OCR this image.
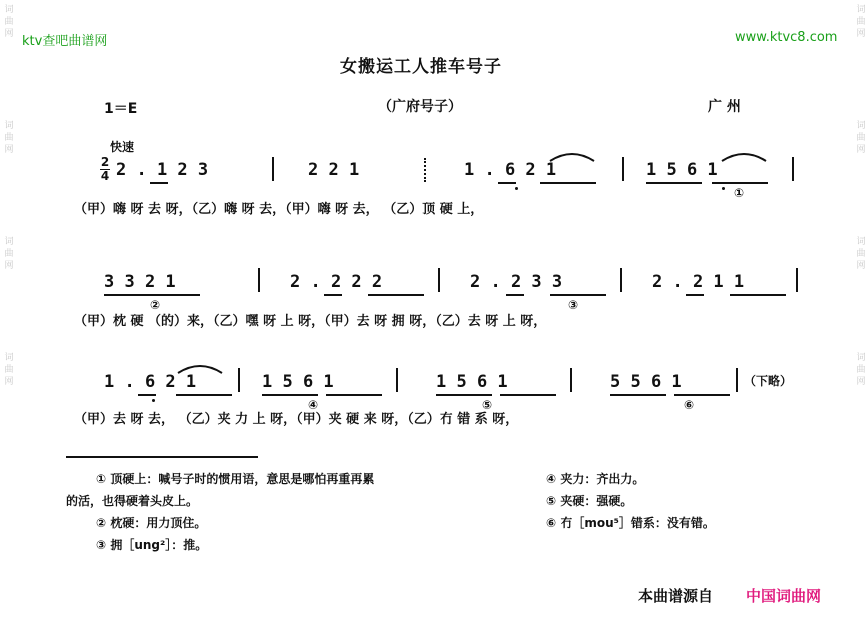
词
曲
网
词
曲
网
词
曲
网
词
曲
网
词
曲
网
词
曲
网
词
曲
网
词
曲
网
ktv查吧曲谱网	www.ktvc8.com
女搬运工人推车号子
1＝E	（广府号子）	广 州
快速
2
4 2 . 1 2 3	2 2 1	1 . 6 2 1	1 5 6 1
（甲）嗨 呀 去 呀，（乙）嗨 呀 去，（甲）嗨 呀 去， （乙）顶 硬 上，
①
3 3 2 1	2 . 2 2 2	2 . 2 3 3	2 . 2 1 1
（甲）枕 硬 （的）来，（乙）嘿 呀 上 呀，（甲）去 呀 拥 呀，（乙）去 呀 上 呀，
②	③
1 . 6 2 1	1 5 6 1	1 5 6 1	5 5 6 1	（下略）
（甲）去 呀 去， （乙）夹 力 上 呀，（甲）夹 硬 来 呀，（乙）冇 错 系 呀，
④	⑤	⑥
① 顶硬上：喊号子时的惯用语，意思是哪怕再重再累
的活，也得硬着头皮上。
② 枕硬：用力顶住。
③ 拥［ung²］：推。
④ 夹力：齐出力。
⑤ 夹硬：强硬。
⑥ 冇［mou⁵］错系：没有错。
本曲谱源自 中国词曲网
